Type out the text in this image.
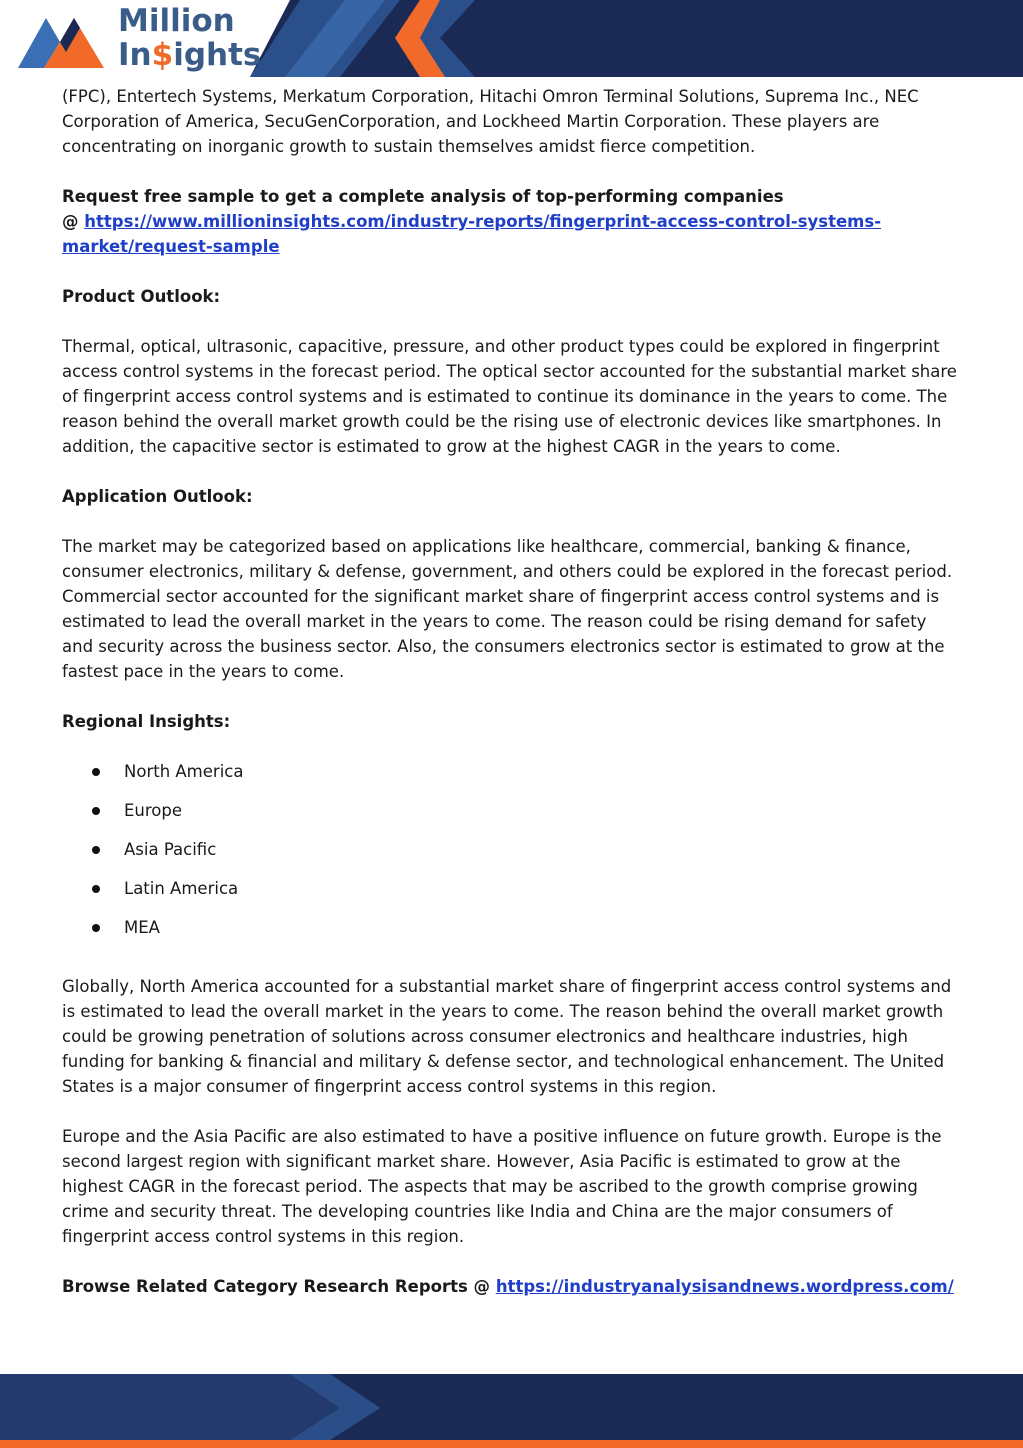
Million
In$ights

(FPC), Entertech Systems, Merkatum Corporation, Hitachi Omron Terminal Solutions, Suprema Inc., NEC Corporation of America, SecuGenCorporation, and Lockheed Martin Corporation. These players are concentrating on inorganic growth to sustain themselves amidst fierce competition.

Request free sample to get a complete analysis of top-performing companies
@ https://www.millioninsights.com/industry-reports/fingerprint-access-control-systems-market/request-sample

Product Outlook:

Thermal, optical, ultrasonic, capacitive, pressure, and other product types could be explored in fingerprint access control systems in the forecast period. The optical sector accounted for the substantial market share of fingerprint access control systems and is estimated to continue its dominance in the years to come. The reason behind the overall market growth could be the rising use of electronic devices like smartphones. In addition, the capacitive sector is estimated to grow at the highest CAGR in the years to come.

Application Outlook:

The market may be categorized based on applications like healthcare, commercial, banking & finance, consumer electronics, military & defense, government, and others could be explored in the forecast period. Commercial sector accounted for the significant market share of fingerprint access control systems and is estimated to lead the overall market in the years to come. The reason could be rising demand for safety and security across the business sector. Also, the consumers electronics sector is estimated to grow at the fastest pace in the years to come.

Regional Insights:

North America
Europe
Asia Pacific
Latin America
MEA

Globally, North America accounted for a substantial market share of fingerprint access control systems and is estimated to lead the overall market in the years to come. The reason behind the overall market growth could be growing penetration of solutions across consumer electronics and healthcare industries, high funding for banking & financial and military & defense sector, and technological enhancement. The United States is a major consumer of fingerprint access control systems in this region.

Europe and the Asia Pacific are also estimated to have a positive influence on future growth. Europe is the second largest region with significant market share. However, Asia Pacific is estimated to grow at the highest CAGR in the forecast period. The aspects that may be ascribed to the growth comprise growing crime and security threat. The developing countries like India and China are the major consumers of fingerprint access control systems in this region.

Browse Related Category Research Reports @ https://industryanalysisandnews.wordpress.com/
